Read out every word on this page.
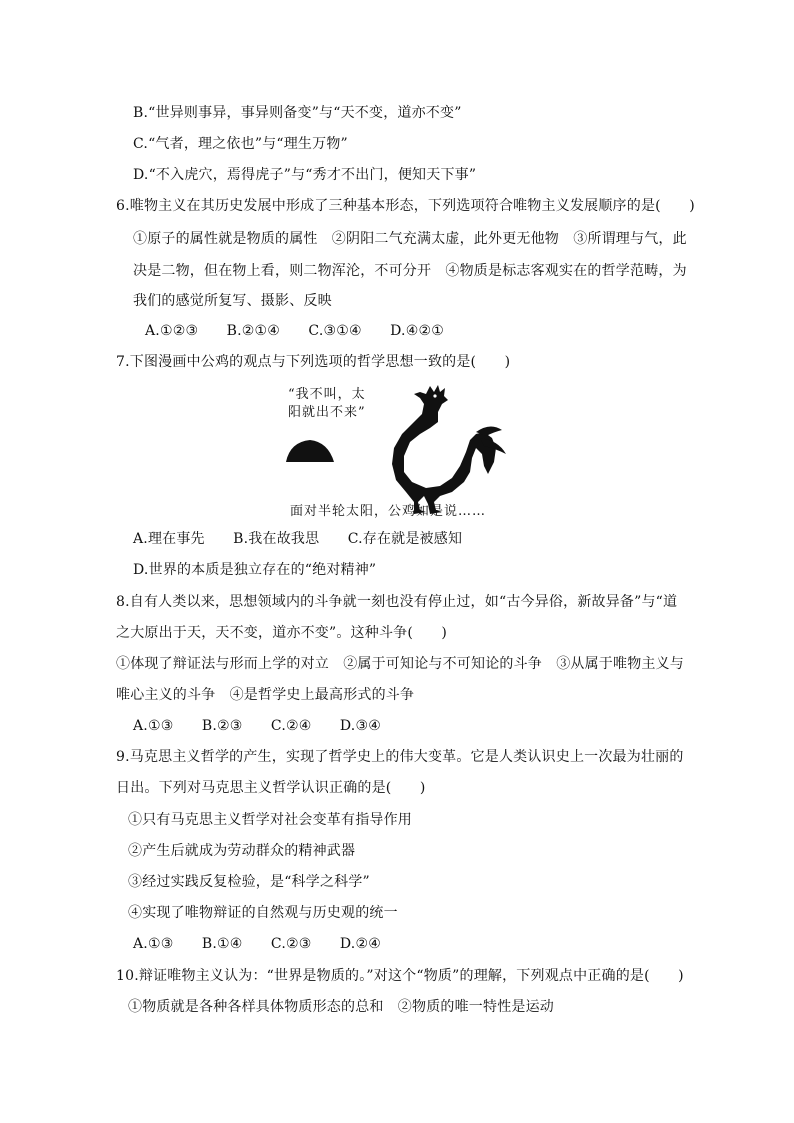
B.“世异则事异，事异则备变”与“天不变，道亦不变”
C.“气者，理之依也”与“理生万物”
D.“不入虎穴，焉得虎子”与“秀才不出门，便知天下事”
6.唯物主义在其历史发展中形成了三种基本形态，下列选项符合唯物主义发展顺序的是(　　)
①原子的属性就是物质的属性　②阴阳二气充满太虚，此外更无他物　③所谓理与气，此
决是二物，但在物上看，则二物浑沦，不可分开　④物质是标志客观实在的哲学范畴，为
我们的感觉所复写、摄影、反映
A.①②③　　B.②①④　　C.③①④　　D.④②①
7.下图漫画中公鸡的观点与下列选项的哲学思想一致的是(　　)
“我不叫，太
阳就出不来”
面对半轮太阳，公鸡如是说……
A.理在事先　　B.我在故我思　　C.存在就是被感知
D.世界的本质是独立存在的“绝对精神”
8.自有人类以来，思想领域内的斗争就一刻也没有停止过，如“古今异俗，新故异备”与“道
之大原出于天，天不变，道亦不变”。这种斗争(　　)
①体现了辩证法与形而上学的对立　②属于可知论与不可知论的斗争　③从属于唯物主义与
唯心主义的斗争　④是哲学史上最高形式的斗争
A.①③　　B.②③　　C.②④　　D.③④
9.马克思主义哲学的产生，实现了哲学史上的伟大变革。它是人类认识史上一次最为壮丽的
日出。下列对马克思主义哲学认识正确的是(　　)
①只有马克思主义哲学对社会变革有指导作用
②产生后就成为劳动群众的精神武器
③经过实践反复检验，是“科学之科学”
④实现了唯物辩证的自然观与历史观的统一
A.①③　　B.①④　　C.②③　　D.②④
10.辩证唯物主义认为：“世界是物质的。”对这个“物质”的理解，下列观点中正确的是(　　)
①物质就是各种各样具体物质形态的总和　②物质的唯一特性是运动
